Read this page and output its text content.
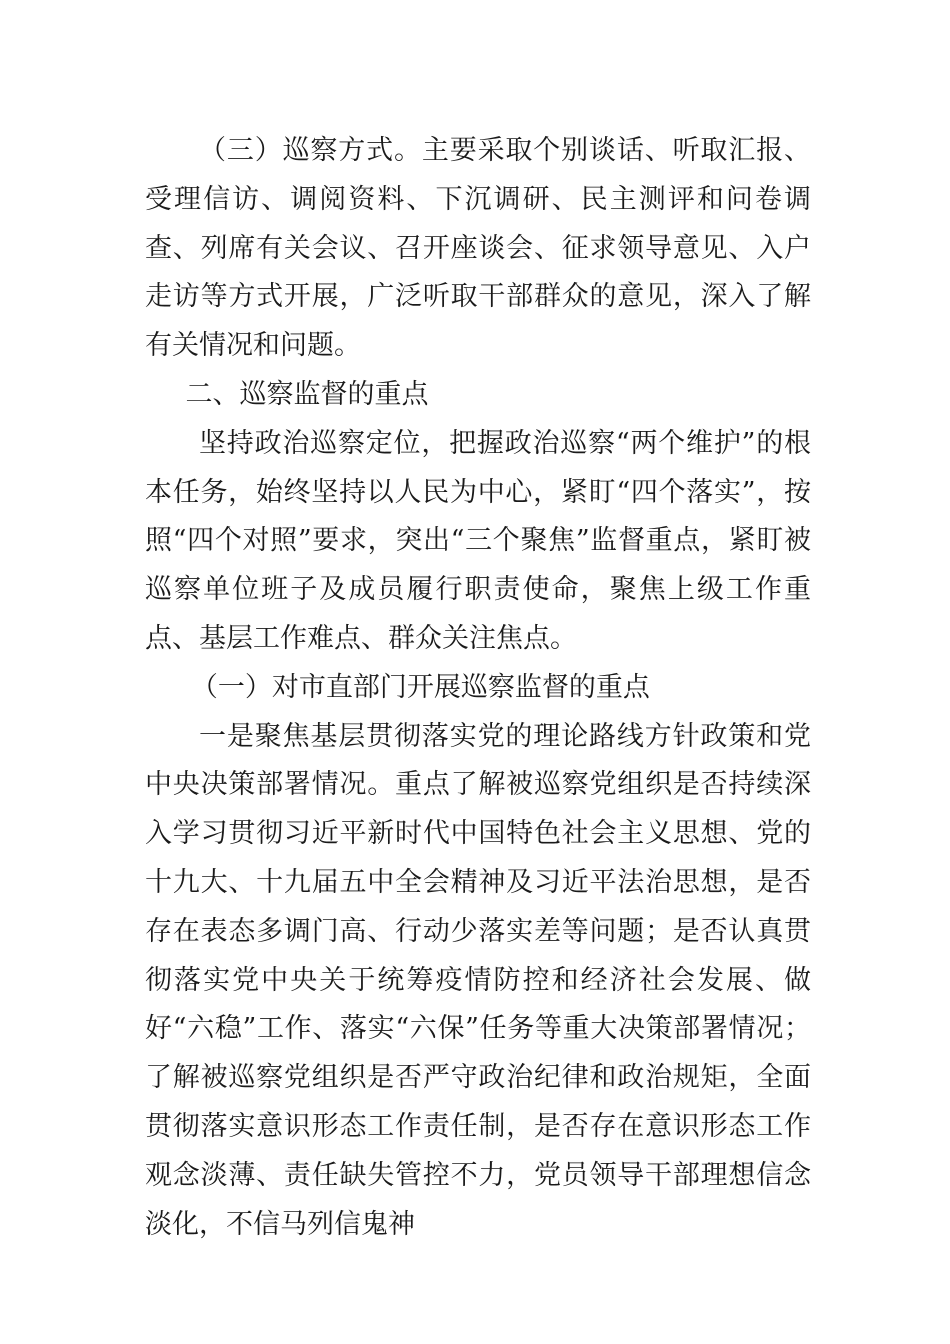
（三）巡察方式。主要采取个别谈话、听取汇报、受理信访、调阅资料、下沉调研、民主测评和问卷调查、列席有关会议、召开座谈会、征求领导意见、入户走访等方式开展，广泛听取干部群众的意见，深入了解有关情况和问题。

二、巡察监督的重点

坚持政治巡察定位，把握政治巡察“两个维护”的根本任务，始终坚持以人民为中心，紧盯“四个落实”，按照“四个对照”要求，突出“三个聚焦”监督重点，紧盯被巡察单位班子及成员履行职责使命，聚焦上级工作重点、基层工作难点、群众关注焦点。

（一）对市直部门开展巡察监督的重点

一是聚焦基层贯彻落实党的理论路线方针政策和党中央决策部署情况。重点了解被巡察党组织是否持续深入学习贯彻习近平新时代中国特色社会主义思想、党的十九大、十九届五中全会精神及习近平法治思想，是否存在表态多调门高、行动少落实差等问题；是否认真贯彻落实党中央关于统筹疫情防控和经济社会发展、做好“六稳”工作、落实“六保”任务等重大决策部署情况；了解被巡察党组织是否严守政治纪律和政治规矩，全面贯彻落实意识形态工作责任制，是否存在意识形态工作观念淡薄、责任缺失管控不力，党员领导干部理想信念淡化，不信马列信鬼神
